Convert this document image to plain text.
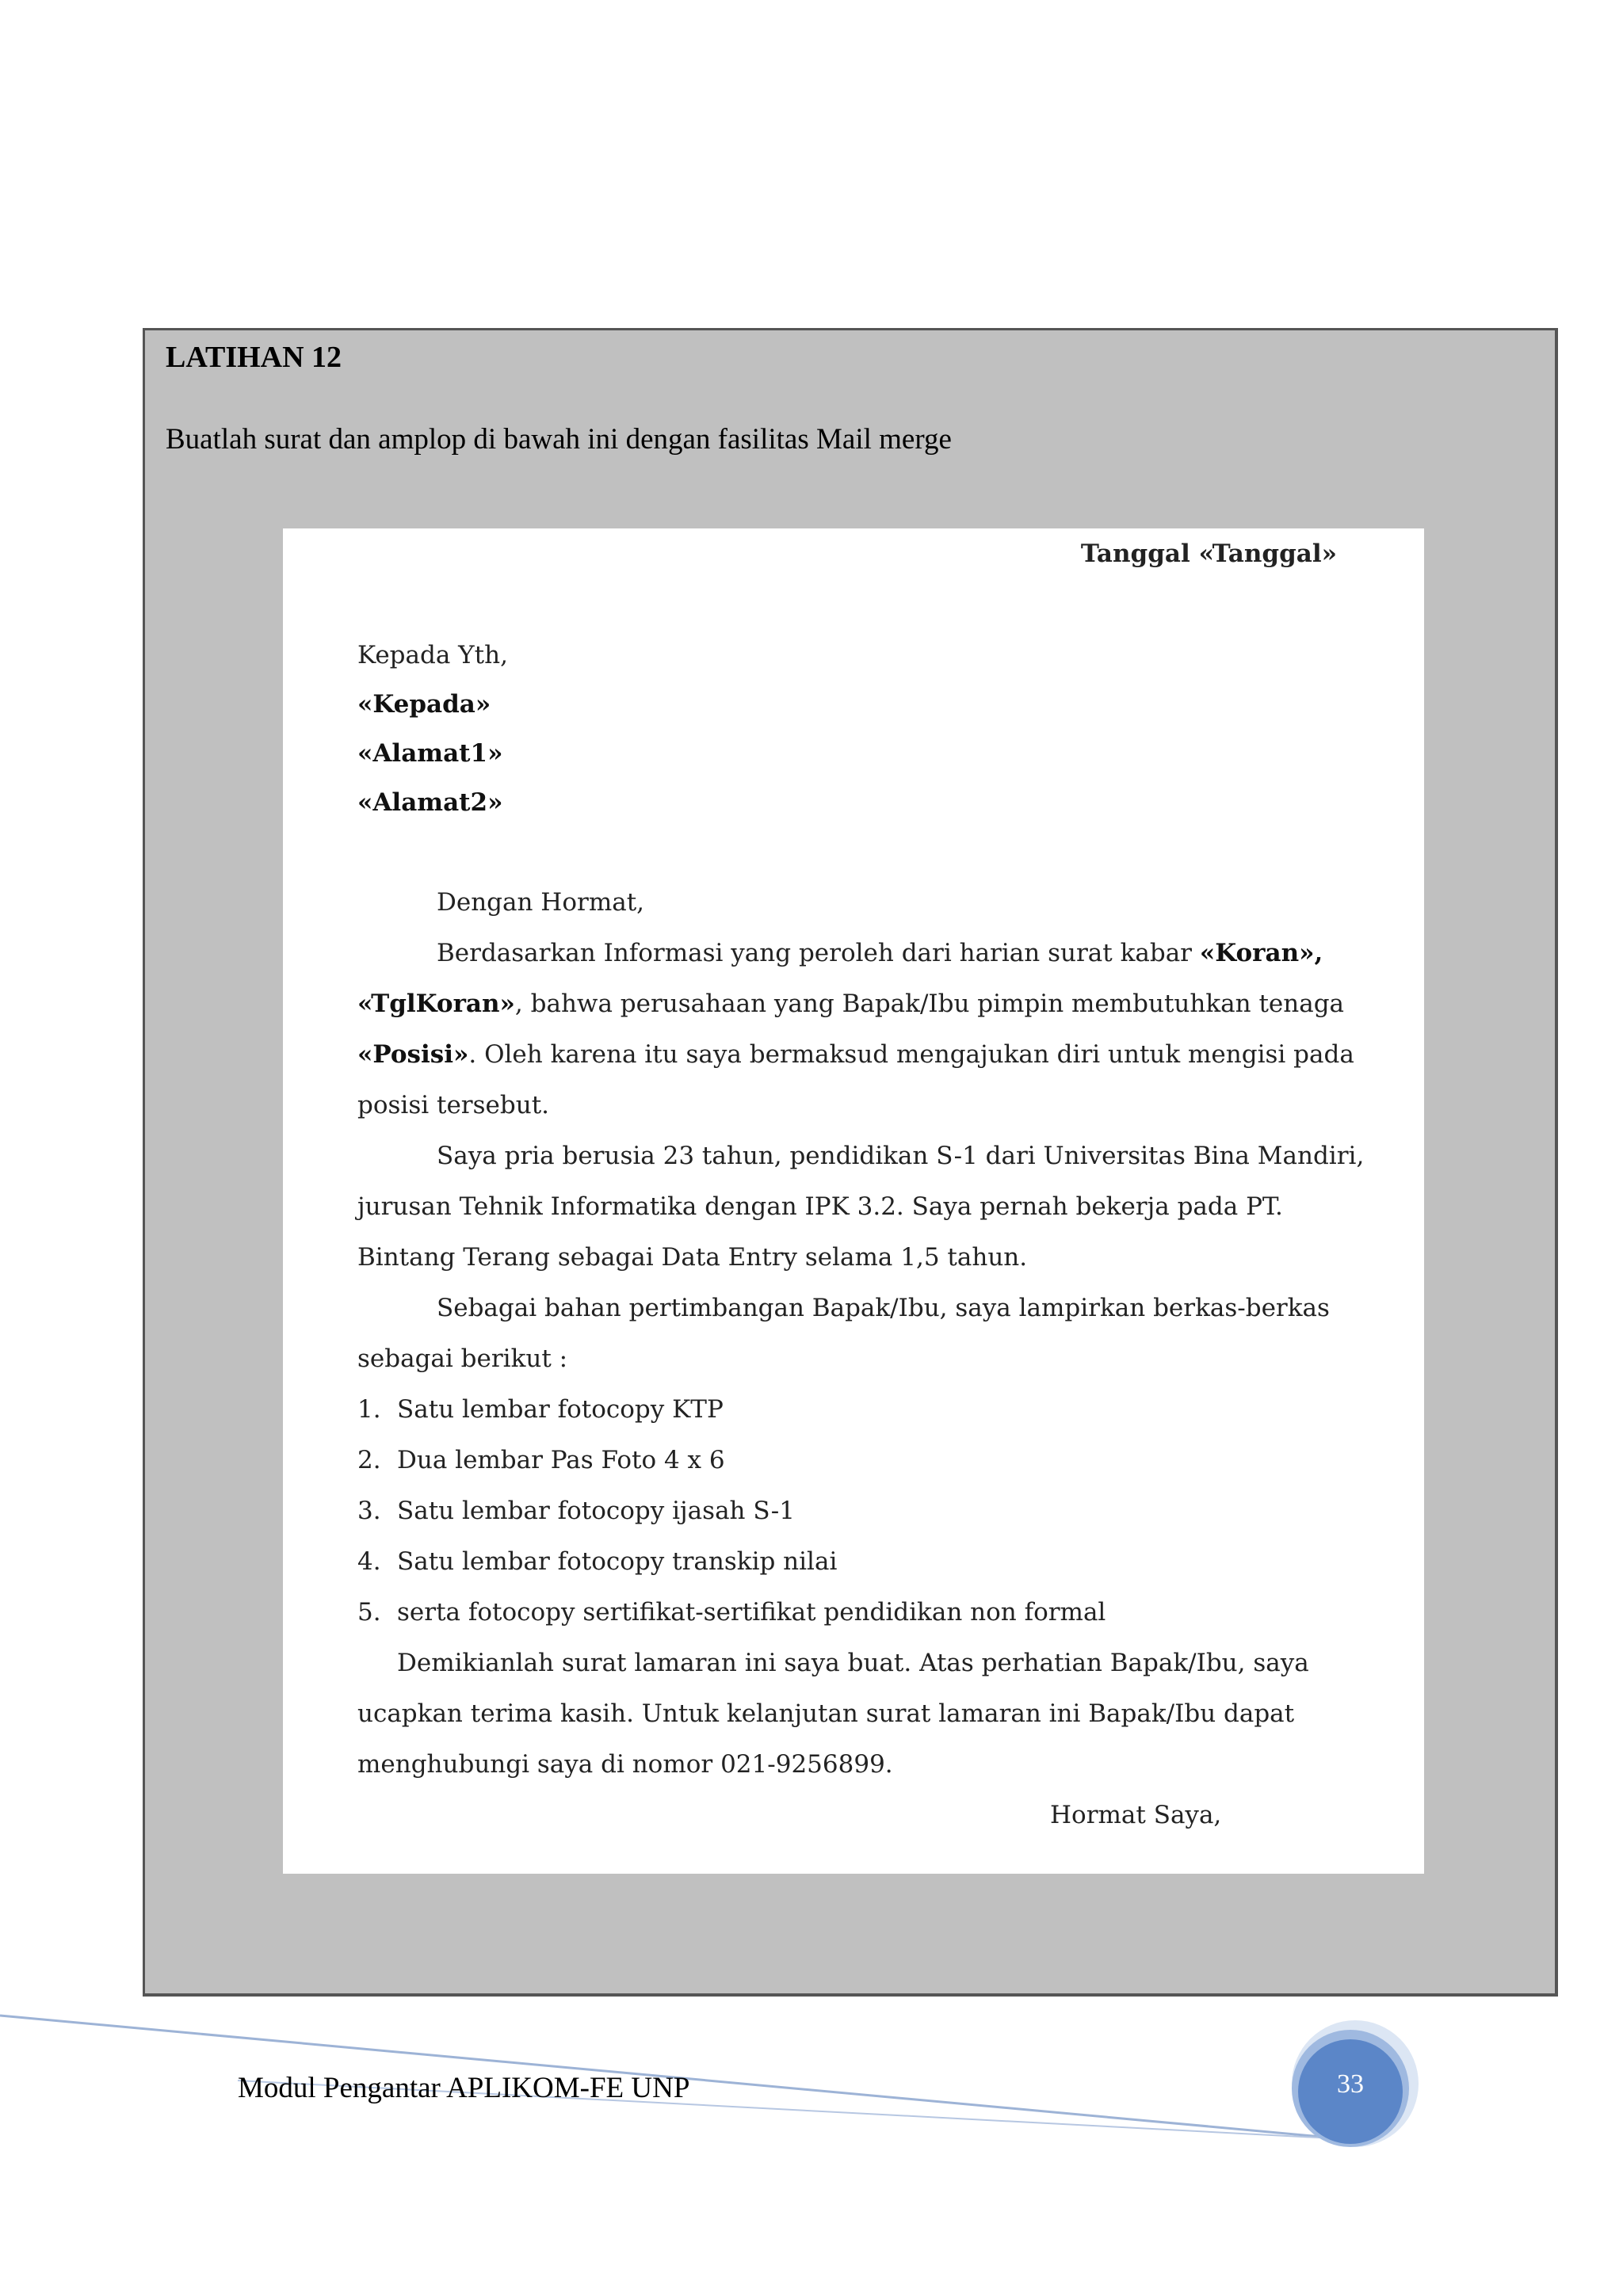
LATIHAN 12
Buatlah surat dan amplop di bawah ini dengan fasilitas Mail merge
Tanggal «Tanggal»
Kepada Yth,
«Kepada»
«Alamat1»
«Alamat2»
Dengan Hormat,
Berdasarkan Informasi yang peroleh dari harian surat kabar «Koran»,
«TglKoran», bahwa perusahaan yang Bapak/Ibu pimpin membutuhkan tenaga
«Posisi». Oleh karena itu saya bermaksud mengajukan diri untuk mengisi pada
posisi tersebut.
Saya pria berusia 23 tahun, pendidikan S-1 dari Universitas Bina Mandiri,
jurusan Tehnik Informatika dengan IPK 3.2. Saya pernah bekerja pada PT.
Bintang Terang sebagai Data Entry selama 1,5 tahun.
Sebagai bahan pertimbangan Bapak/Ibu, saya lampirkan berkas-berkas
sebagai berikut :
1. Satu lembar fotocopy KTP
2. Dua lembar Pas Foto 4 x 6
3. Satu lembar fotocopy ijasah S-1
4. Satu lembar fotocopy transkip nilai
5. serta fotocopy sertifikat-sertifikat pendidikan non formal
Demikianlah surat lamaran ini saya buat. Atas perhatian Bapak/Ibu, saya
ucapkan terima kasih. Untuk kelanjutan surat lamaran ini Bapak/Ibu dapat
menghubungi saya di nomor 021-9256899.
Hormat Saya,
Modul Pengantar APLIKOM-FE UNP	33
